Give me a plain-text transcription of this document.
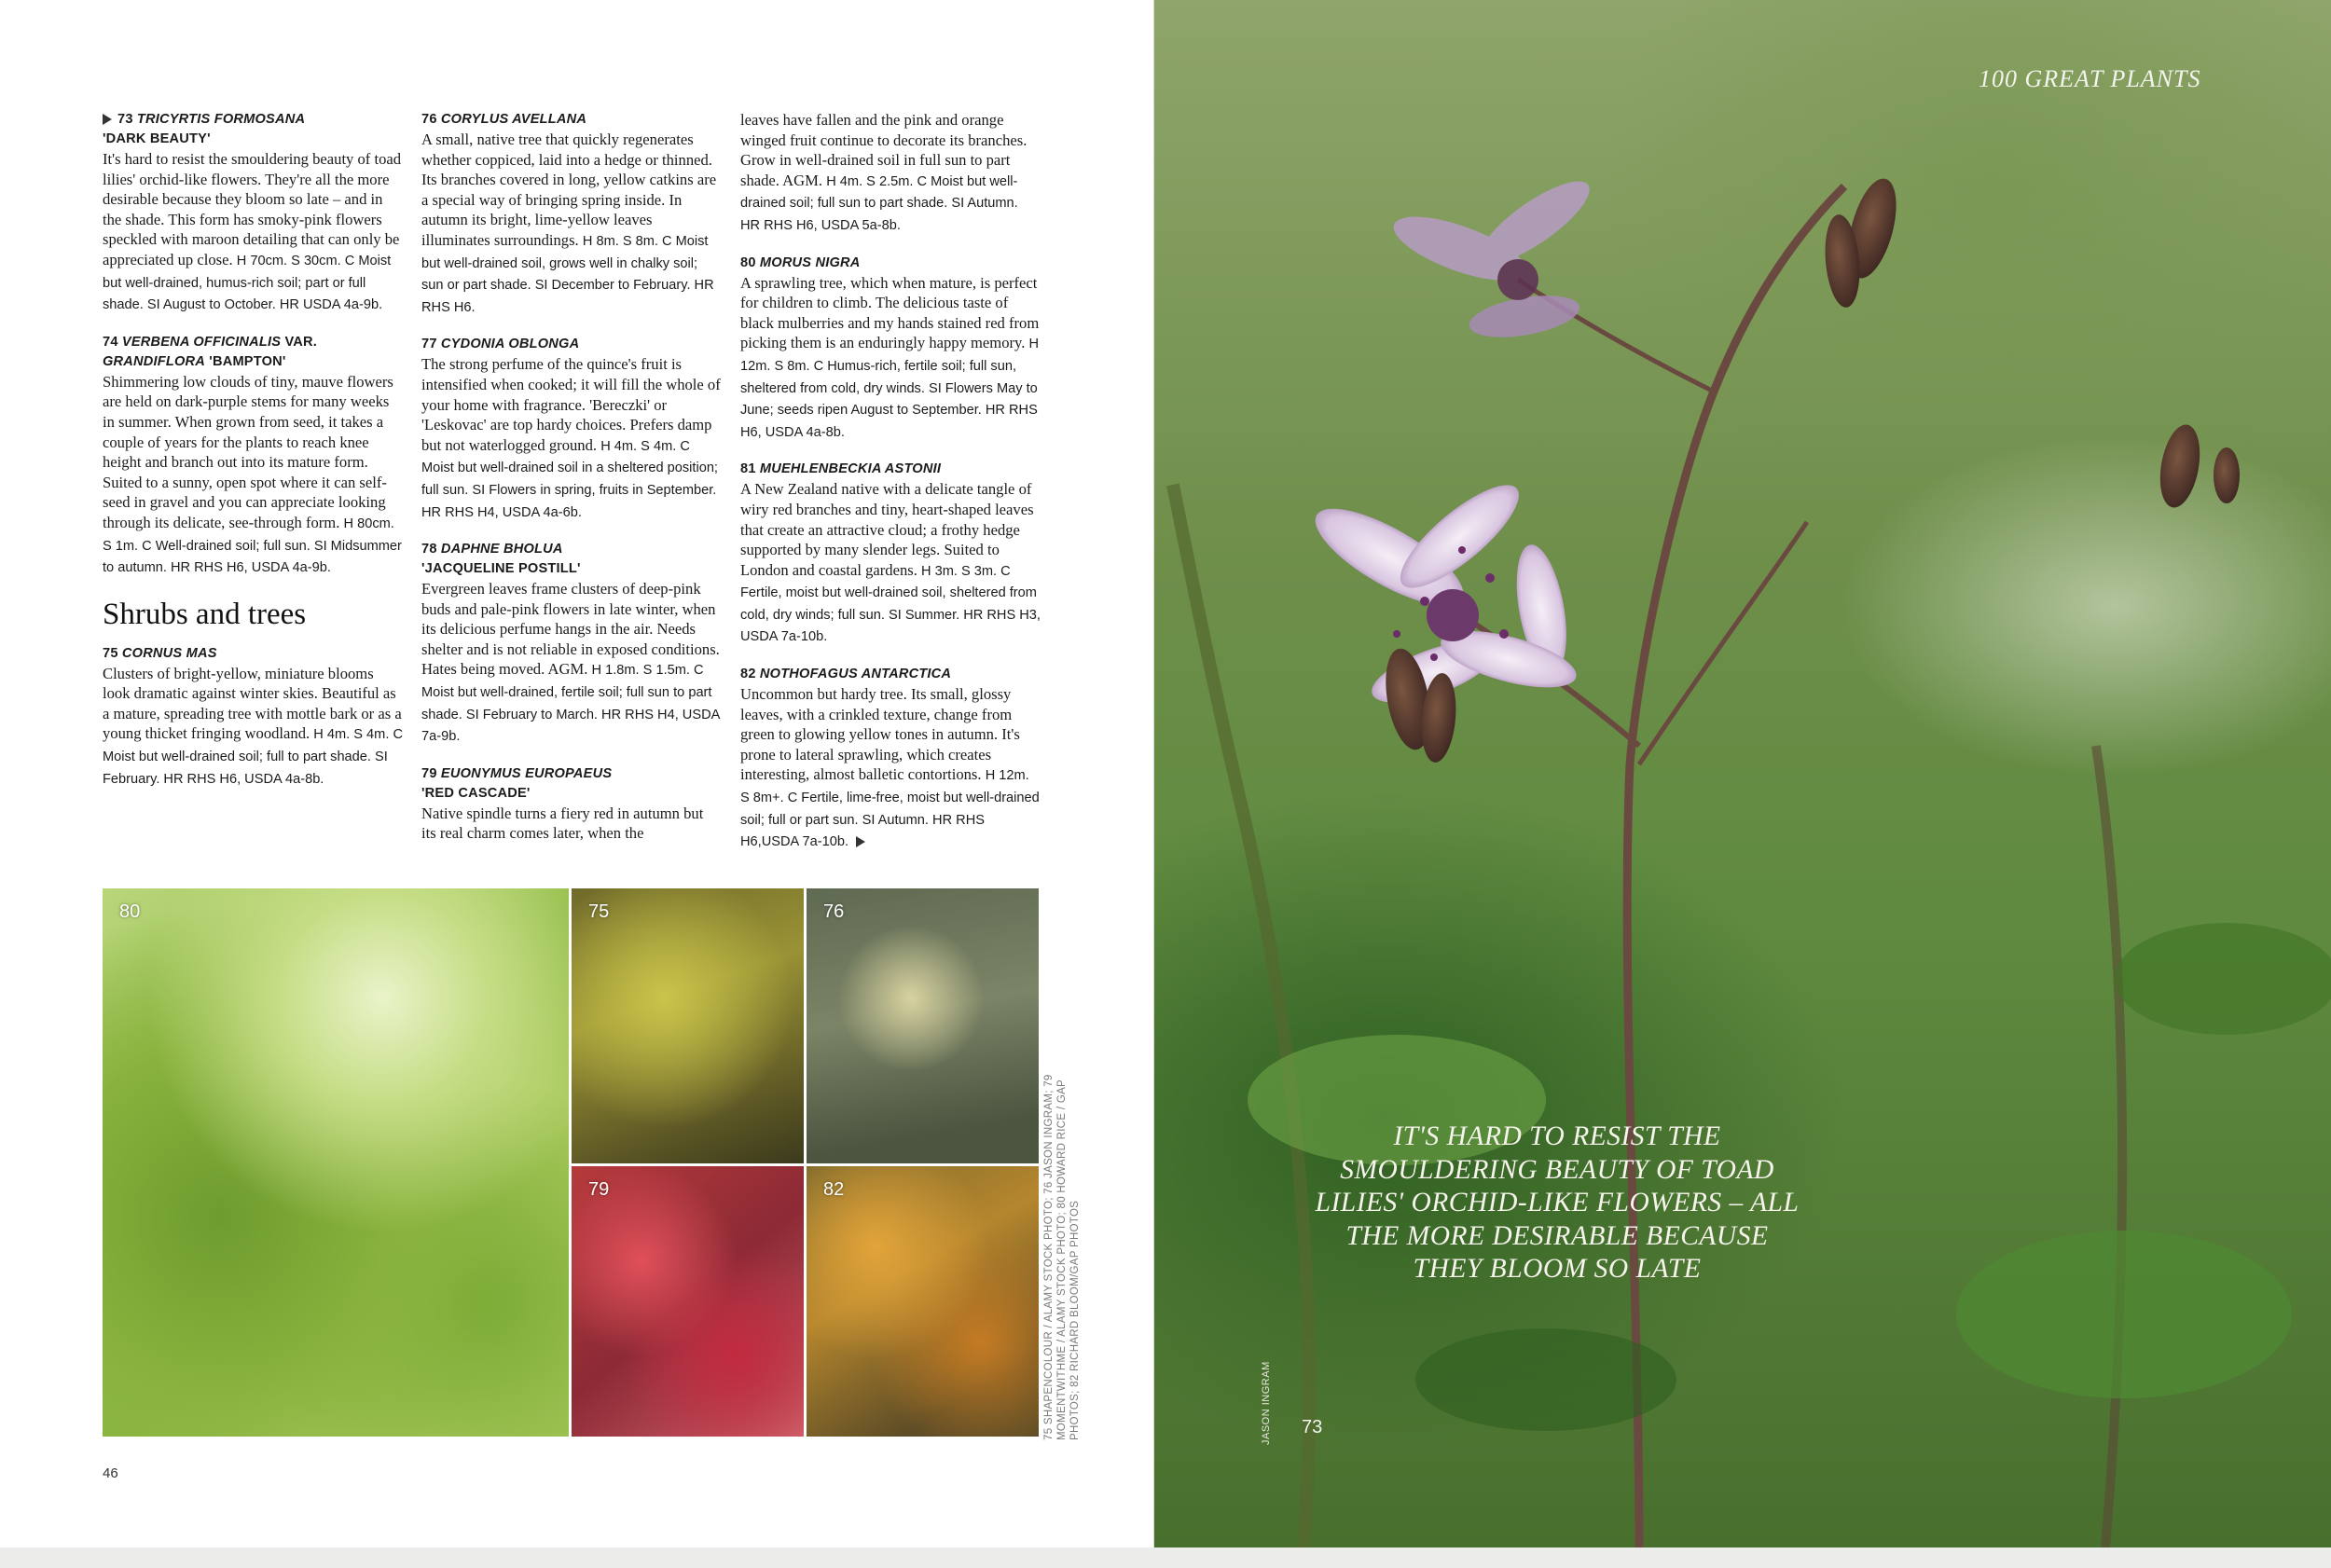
73 TRICYRTIS FORMOSANA
'DARK BEAUTY'
It's hard to resist the smouldering beauty of toad lilies' orchid-like flowers. They're all the more desirable because they bloom so late – and in the shade. This form has smoky-pink flowers speckled with maroon detailing that can only be appreciated up close. H 70cm. S 30cm. C Moist but well-drained, humus-rich soil; part or full shade. SI August to October. HR USDA 4a-9b.
74 VERBENA OFFICINALIS VAR.
GRANDIFLORA 'BAMPTON'
Shimmering low clouds of tiny, mauve flowers are held on dark-purple stems for many weeks in summer. When grown from seed, it takes a couple of years for the plants to reach knee height and branch out into its mature form. Suited to a sunny, open spot where it can self-seed in gravel and you can appreciate looking through its delicate, see-through form. H 80cm. S 1m. C Well-drained soil; full sun. SI Midsummer to autumn. HR RHS H6, USDA 4a-9b.
Shrubs and trees
75 CORNUS MAS
Clusters of bright-yellow, miniature blooms look dramatic against winter skies. Beautiful as a mature, spreading tree with mottle bark or as a young thicket fringing woodland. H 4m. S 4m. C Moist but well-drained soil; full to part shade. SI February. HR RHS H6, USDA 4a-8b.
76 CORYLUS AVELLANA
A small, native tree that quickly regenerates whether coppiced, laid into a hedge or thinned. Its branches covered in long, yellow catkins are a special way of bringing spring inside. In autumn its bright, lime-yellow leaves illuminates surroundings. H 8m. S 8m. C Moist but well-drained soil, grows well in chalky soil; sun or part shade. SI December to February. HR RHS H6.
77 CYDONIA OBLONGA
The strong perfume of the quince's fruit is intensified when cooked; it will fill the whole of your home with fragrance. 'Bereczki' or 'Leskovac' are top hardy choices. Prefers damp but not waterlogged ground. H 4m. S 4m. C Moist but well-drained soil in a sheltered position; full sun. SI Flowers in spring, fruits in September. HR RHS H4, USDA 4a-6b.
78 DAPHNE BHOLUA
'JACQUELINE POSTILL'
Evergreen leaves frame clusters of deep-pink buds and pale-pink flowers in late winter, when its delicious perfume hangs in the air. Needs shelter and is not reliable in exposed conditions. Hates being moved. AGM. H 1.8m. S 1.5m. C Moist but well-drained, fertile soil; full sun to part shade. SI February to March. HR RHS H4, USDA 7a-9b.
79 EUONYMUS EUROPAEUS
'RED CASCADE'
Native spindle turns a fiery red in autumn but its real charm comes later, when the
leaves have fallen and the pink and orange winged fruit continue to decorate its branches. Grow in well-drained soil in full sun to part shade. AGM. H 4m. S 2.5m. C Moist but well-drained soil; full sun to part shade. SI Autumn. HR RHS H6, USDA 5a-8b.
80 MORUS NIGRA
A sprawling tree, which when mature, is perfect for children to climb. The delicious taste of black mulberries and my hands stained red from picking them is an enduringly happy memory. H 12m. S 8m. C Humus-rich, fertile soil; full sun, sheltered from cold, dry winds. SI Flowers May to June; seeds ripen August to September. HR RHS H6, USDA 4a-8b.
81 MUEHLENBECKIA ASTONII
A New Zealand native with a delicate tangle of wiry red branches and tiny, heart-shaped leaves that create an attractive cloud; a frothy hedge supported by many slender legs. Suited to London and coastal gardens. H 3m. S 3m. C Fertile, moist but well-drained soil, sheltered from cold, dry winds; full sun. SI Summer. HR RHS H3, USDA 7a-10b.
82 NOTHOFAGUS ANTARCTICA
Uncommon but hardy tree. Its small, glossy leaves, with a crinkled texture, change from green to glowing yellow tones in autumn. It's prone to lateral sprawling, which creates interesting, almost balletic contortions. H 12m. S 8m+. C Fertile, lime-free, moist but well-drained soil; full or part sun. SI Autumn. HR RHS H6,USDA 7a-10b.
80	75	76
79	82	75 SHAPENCOLOUR / ALAMY STOCK PHOTO; 76 JASON INGRAM; 79 MOMENTWITHME / ALAMY STOCK PHOTO; 80 HOWARD RICE / GAP PHOTOS; 82 RICHARD BLOOM/GAP PHOTOS
46
100 GREAT PLANTS
IT'S HARD TO RESIST THE SMOULDERING BEAUTY OF TOAD LILIES' ORCHID-LIKE FLOWERS – ALL THE MORE DESIRABLE BECAUSE THEY BLOOM SO LATE
JASON INGRAM 73
